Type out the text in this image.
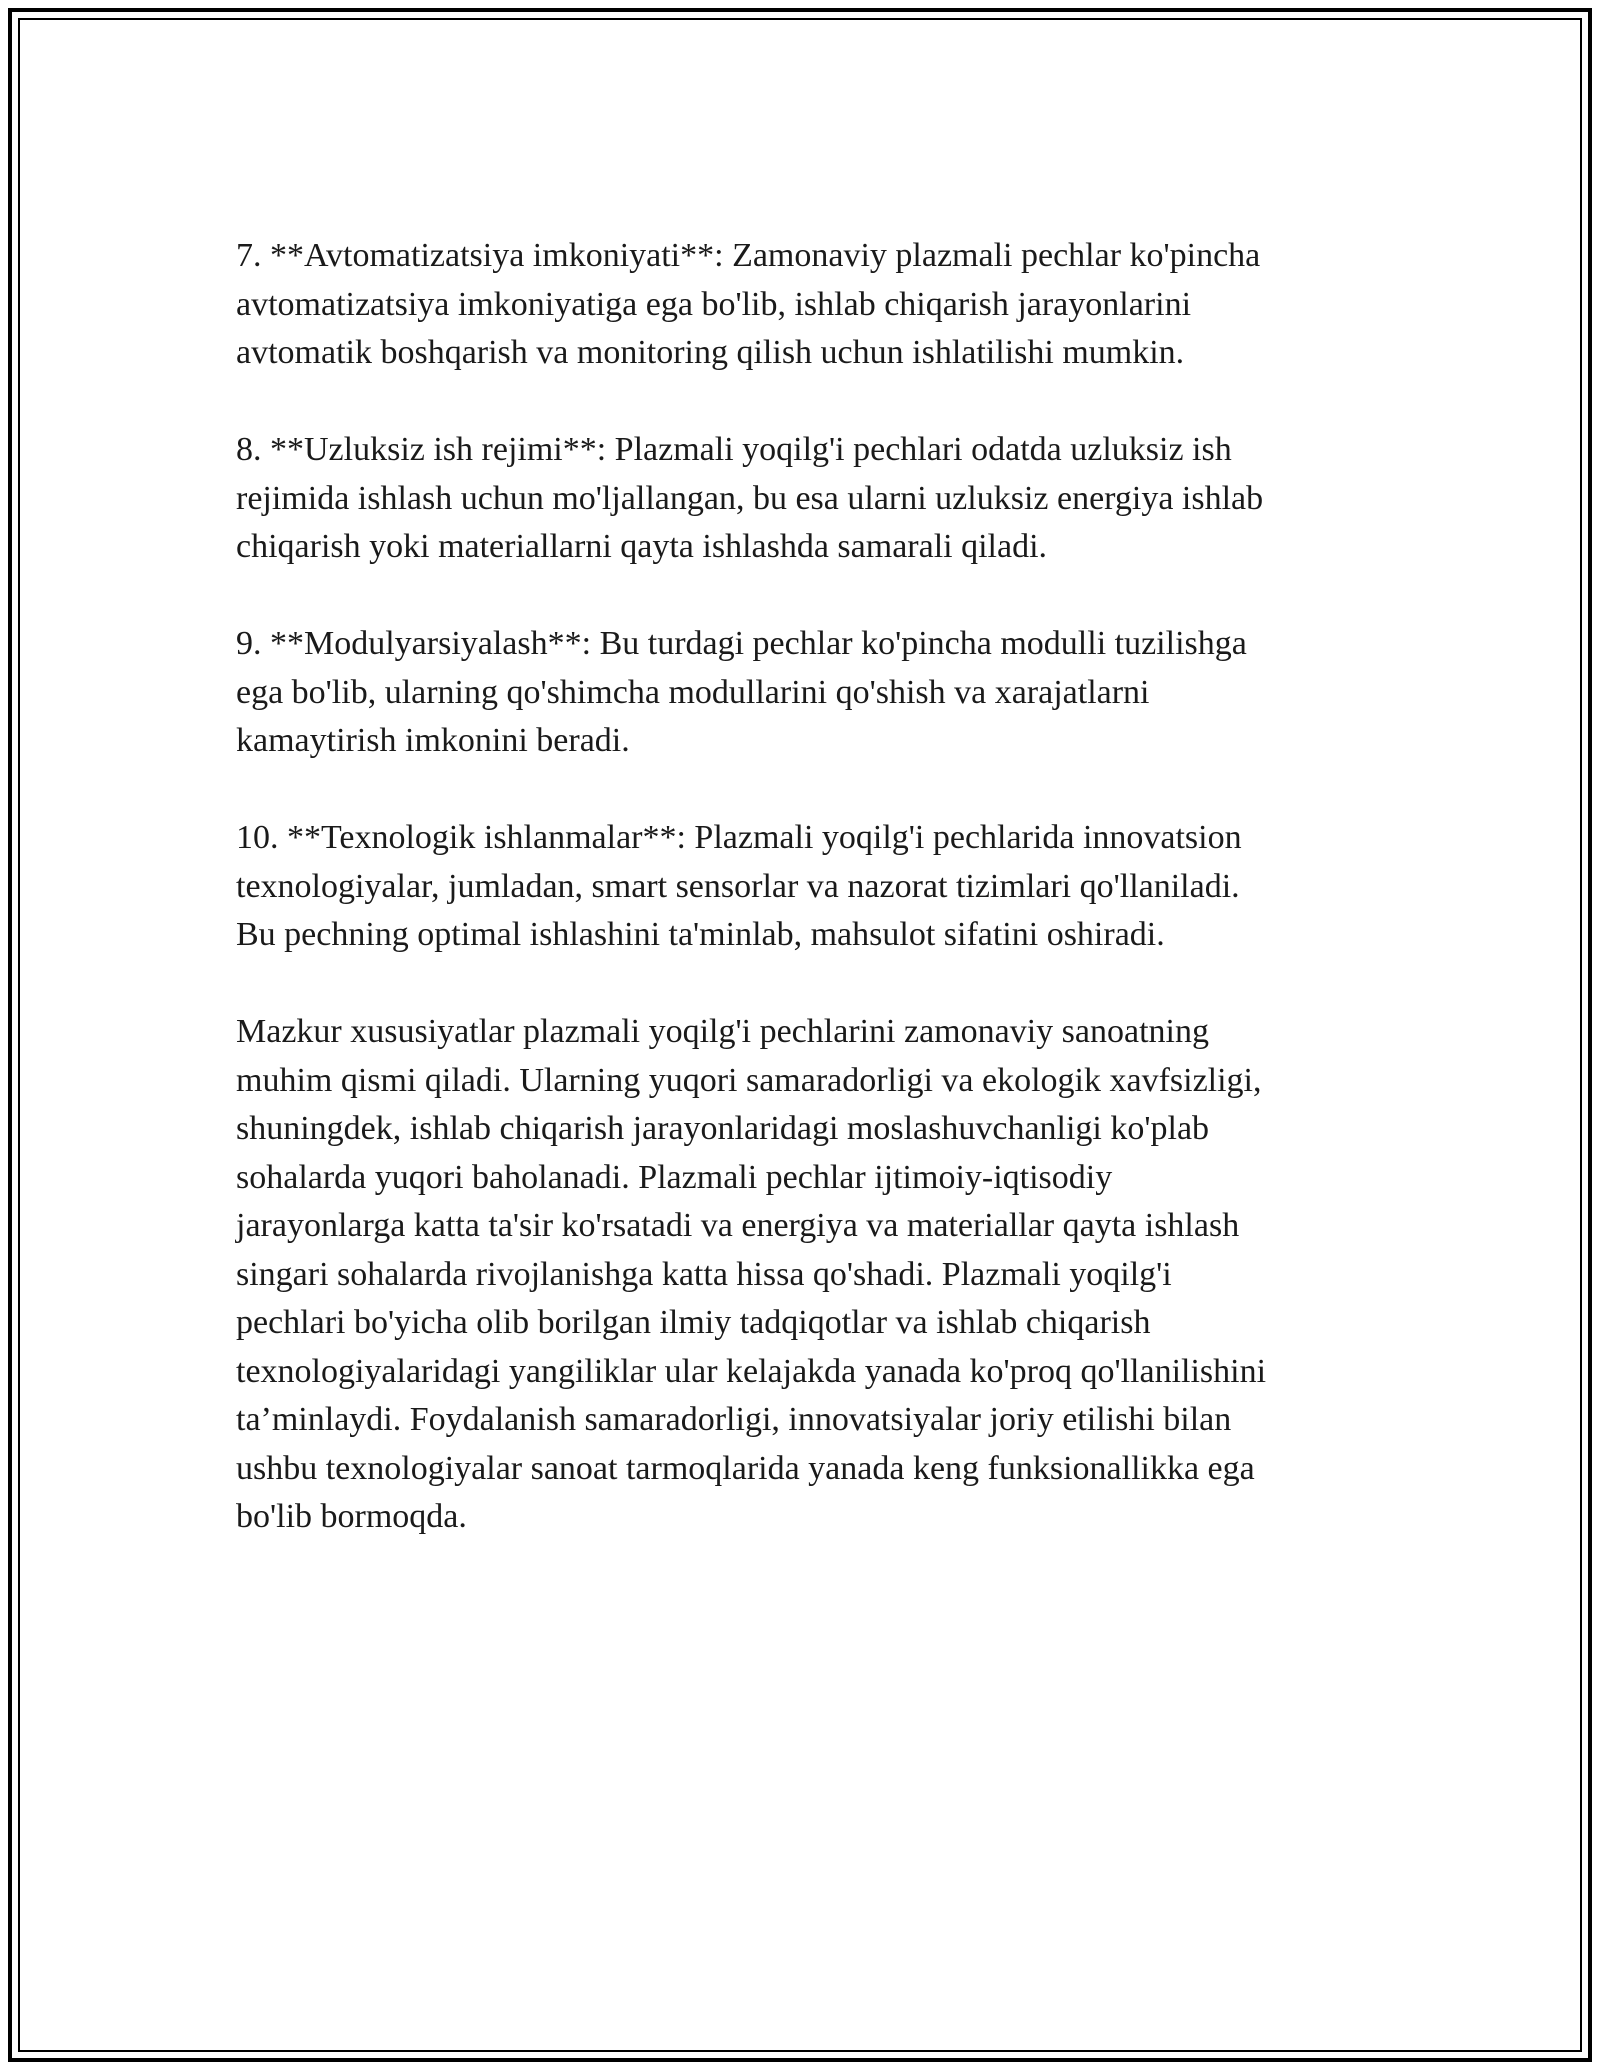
7. **Avtomatizatsiya imkoniyati**: Zamonaviy plazmali pechlar ko'pincha
avtomatizatsiya imkoniyatiga ega bo'lib, ishlab chiqarish jarayonlarini
avtomatik boshqarish va monitoring qilish uchun ishlatilishi mumkin.

8. **Uzluksiz ish rejimi**: Plazmali yoqilg'i pechlari odatda uzluksiz ish
rejimida ishlash uchun mo'ljallangan, bu esa ularni uzluksiz energiya ishlab
chiqarish yoki materiallarni qayta ishlashda samarali qiladi.

9. **Modulyarsiyalash**: Bu turdagi pechlar ko'pincha modulli tuzilishga
ega bo'lib, ularning qo'shimcha modullarini qo'shish va xarajatlarni
kamaytirish imkonini beradi.

10. **Texnologik ishlanmalar**: Plazmali yoqilg'i pechlarida innovatsion
texnologiyalar, jumladan, smart sensorlar va nazorat tizimlari qo'llaniladi.
Bu pechning optimal ishlashini ta'minlab, mahsulot sifatini oshiradi.

Mazkur xususiyatlar plazmali yoqilg'i pechlarini zamonaviy sanoatning
muhim qismi qiladi. Ularning yuqori samaradorligi va ekologik xavfsizligi,
shuningdek, ishlab chiqarish jarayonlaridagi moslashuvchanligi ko'plab
sohalarda yuqori baholanadi. Plazmali pechlar ijtimoiy-iqtisodiy
jarayonlarga katta ta'sir ko'rsatadi va energiya va materiallar qayta ishlash
singari sohalarda rivojlanishga katta hissa qo'shadi. Plazmali yoqilg'i
pechlari bo'yicha olib borilgan ilmiy tadqiqotlar va ishlab chiqarish
texnologiyalaridagi yangiliklar ular kelajakda yanada ko'proq qo'llanilishini
ta’minlaydi. Foydalanish samaradorligi, innovatsiyalar joriy etilishi bilan
ushbu texnologiyalar sanoat tarmoqlarida yanada keng funksionallikka ega
bo'lib bormoqda.
